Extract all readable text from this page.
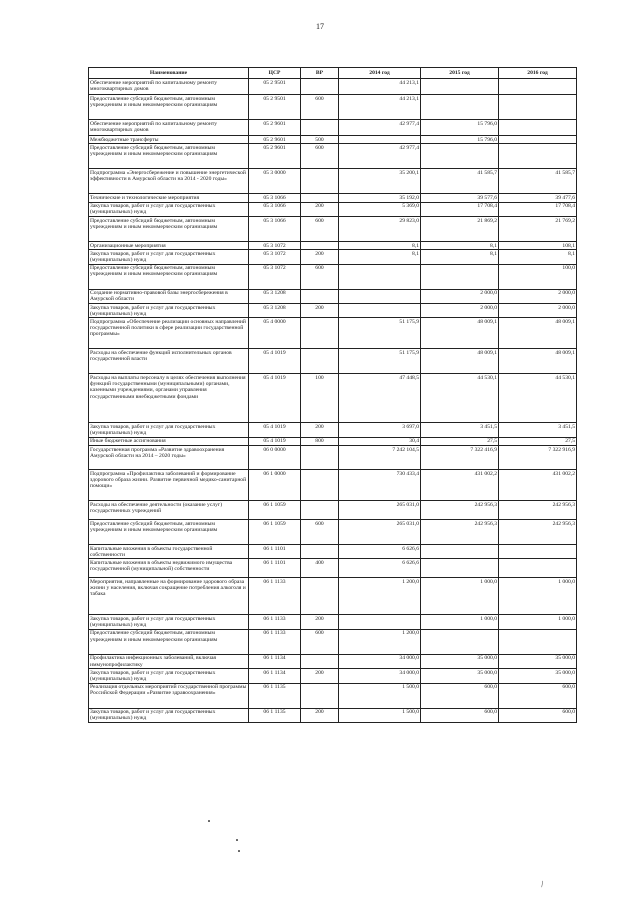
17
Наименование	ЦСР	ВР	2014 год	2015 год	2016 год
Обеспечение мероприятий по капитальному ремонту многоквартирных домов	05 2 9501		44 213,1		
Предоставление субсидий бюджетным, автономным учреждениям и иным некоммерческим организациям	05 2 9501	600	44 213,1		
Обеспечение мероприятий по капитальному ремонту многоквартирных домов	05 2 9601		42 977,4	15 796,0	
Межбюджетные трансферты	05 2 9601	500		15 796,0	
Предоставление субсидий бюджетным, автономным учреждениям и иным некоммерческим организациям	05 2 9601	600	42 977,4		
Подпрограмма «Энергосбережение и повышение энергетической эффективности в Амурской области на 2014 - 2020 годы»	05 3 0000		35 200,1	41 585,7	41 585,7
Технические и технологические мероприятия	05 3 1066		35 192,0	39 577,6	39 477,6
Закупка товаров, работ и услуг для государственных (муниципальных) нужд	05 3 1066	200	5 369,0	17 708,4	17 708,4
Предоставление субсидий бюджетным, автономным учреждениям и иным некоммерческим организациям	05 3 1066	600	29 823,0	21 869,2	21 769,2
Организационные мероприятия	05 3 1072		8,1	8,1	108,1
Закупка товаров, работ и услуг для государственных (муниципальных) нужд	05 3 1072	200	8,1	8,1	8,1
Предоставление субсидий бюджетным, автономным учреждениям и иным некоммерческим организациям	05 3 1072	600			100,0
Создание нормативно-правовой базы энергосбережения в Амурской области	05 3 1208			2 000,0	2 000,0
Закупка товаров, работ и услуг для государственных (муниципальных) нужд	05 3 1208	200		2 000,0	2 000,0
Подпрограмма «Обеспечение реализации основных направлений государственной политики в сфере реализации государственной программы»	05 4 0000		51 175,9	48 009,1	48 009,1
Расходы на обеспечение функций исполнительных органов государственной власти	05 4 1019		51 175,9	48 009,1	48 009,1
Расходы на выплаты персоналу в целях обеспечения выполнения функций государственными (муниципальными) органами, казенными учреждениями, органами управления государственными внебюджетными фондами	05 4 1019	100	47 448,5	44 530,1	44 530,1
Закупка товаров, работ и услуг для государственных (муниципальных) нужд	05 4 1019	200	3 697,0	3 451,5	3 451,5
Иные бюджетные ассигнования	05 4 1019	800	30,4	27,5	27,5
Государственная программа «Развитие здравоохранения Амурской области на 2014 – 2020 годы»	06 0 0000		7 242 104,5	7 322 416,9	7 322 916,9
Подпрограмма «Профилактика заболеваний и формирование здорового образа жизни. Развитие первичной медико-санитарной помощи»	06 1 0000		730 433,4	431 002,2	431 002,2
Расходы на обеспечение деятельности (оказание услуг) государственных учреждений	06 1 1059		265 031,0	242 956,3	242 956,3
Предоставление субсидий бюджетным, автономным учреждениям и иным некоммерческим организациям	06 1 1059	600	265 031,0	242 956,3	242 956,3
Капитальные вложения в объекты государственной собственности	06 1 1101		6 626,6		
Капитальные вложения в объекты недвижимого имущества государственной (муниципальной) собственности	06 1 1101	400	6 626,6		
Мероприятия, направленные на формирование здорового образа жизни у населения, включая сокращение потребления алкоголя и табака	06 1 1133		1 200,0	1 000,0	1 000,0
Закупка товаров, работ и услуг для государственных (муниципальных) нужд	06 1 1133	200		1 000,0	1 000,0
Предоставление субсидий бюджетным, автономным учреждениям и иным некоммерческим организациям	06 1 1133	600	1 200,0		
Профилактика инфекционных заболеваний, включая иммунопрофилактику	06 1 1134		34 000,0	35 000,0	35 000,0
Закупка товаров, работ и услуг для государственных (муниципальных) нужд	06 1 1134	200	34 000,0	35 000,0	35 000,0
Реализация отдельных мероприятий государственной программы Российской Федерации «Развитие здравоохранения»	06 1 1135		1 500,0	600,0	600,0
Закупка товаров, работ и услуг для государственных (муниципальных) нужд	06 1 1135	200	1 500,0	600,0	600,0
/
